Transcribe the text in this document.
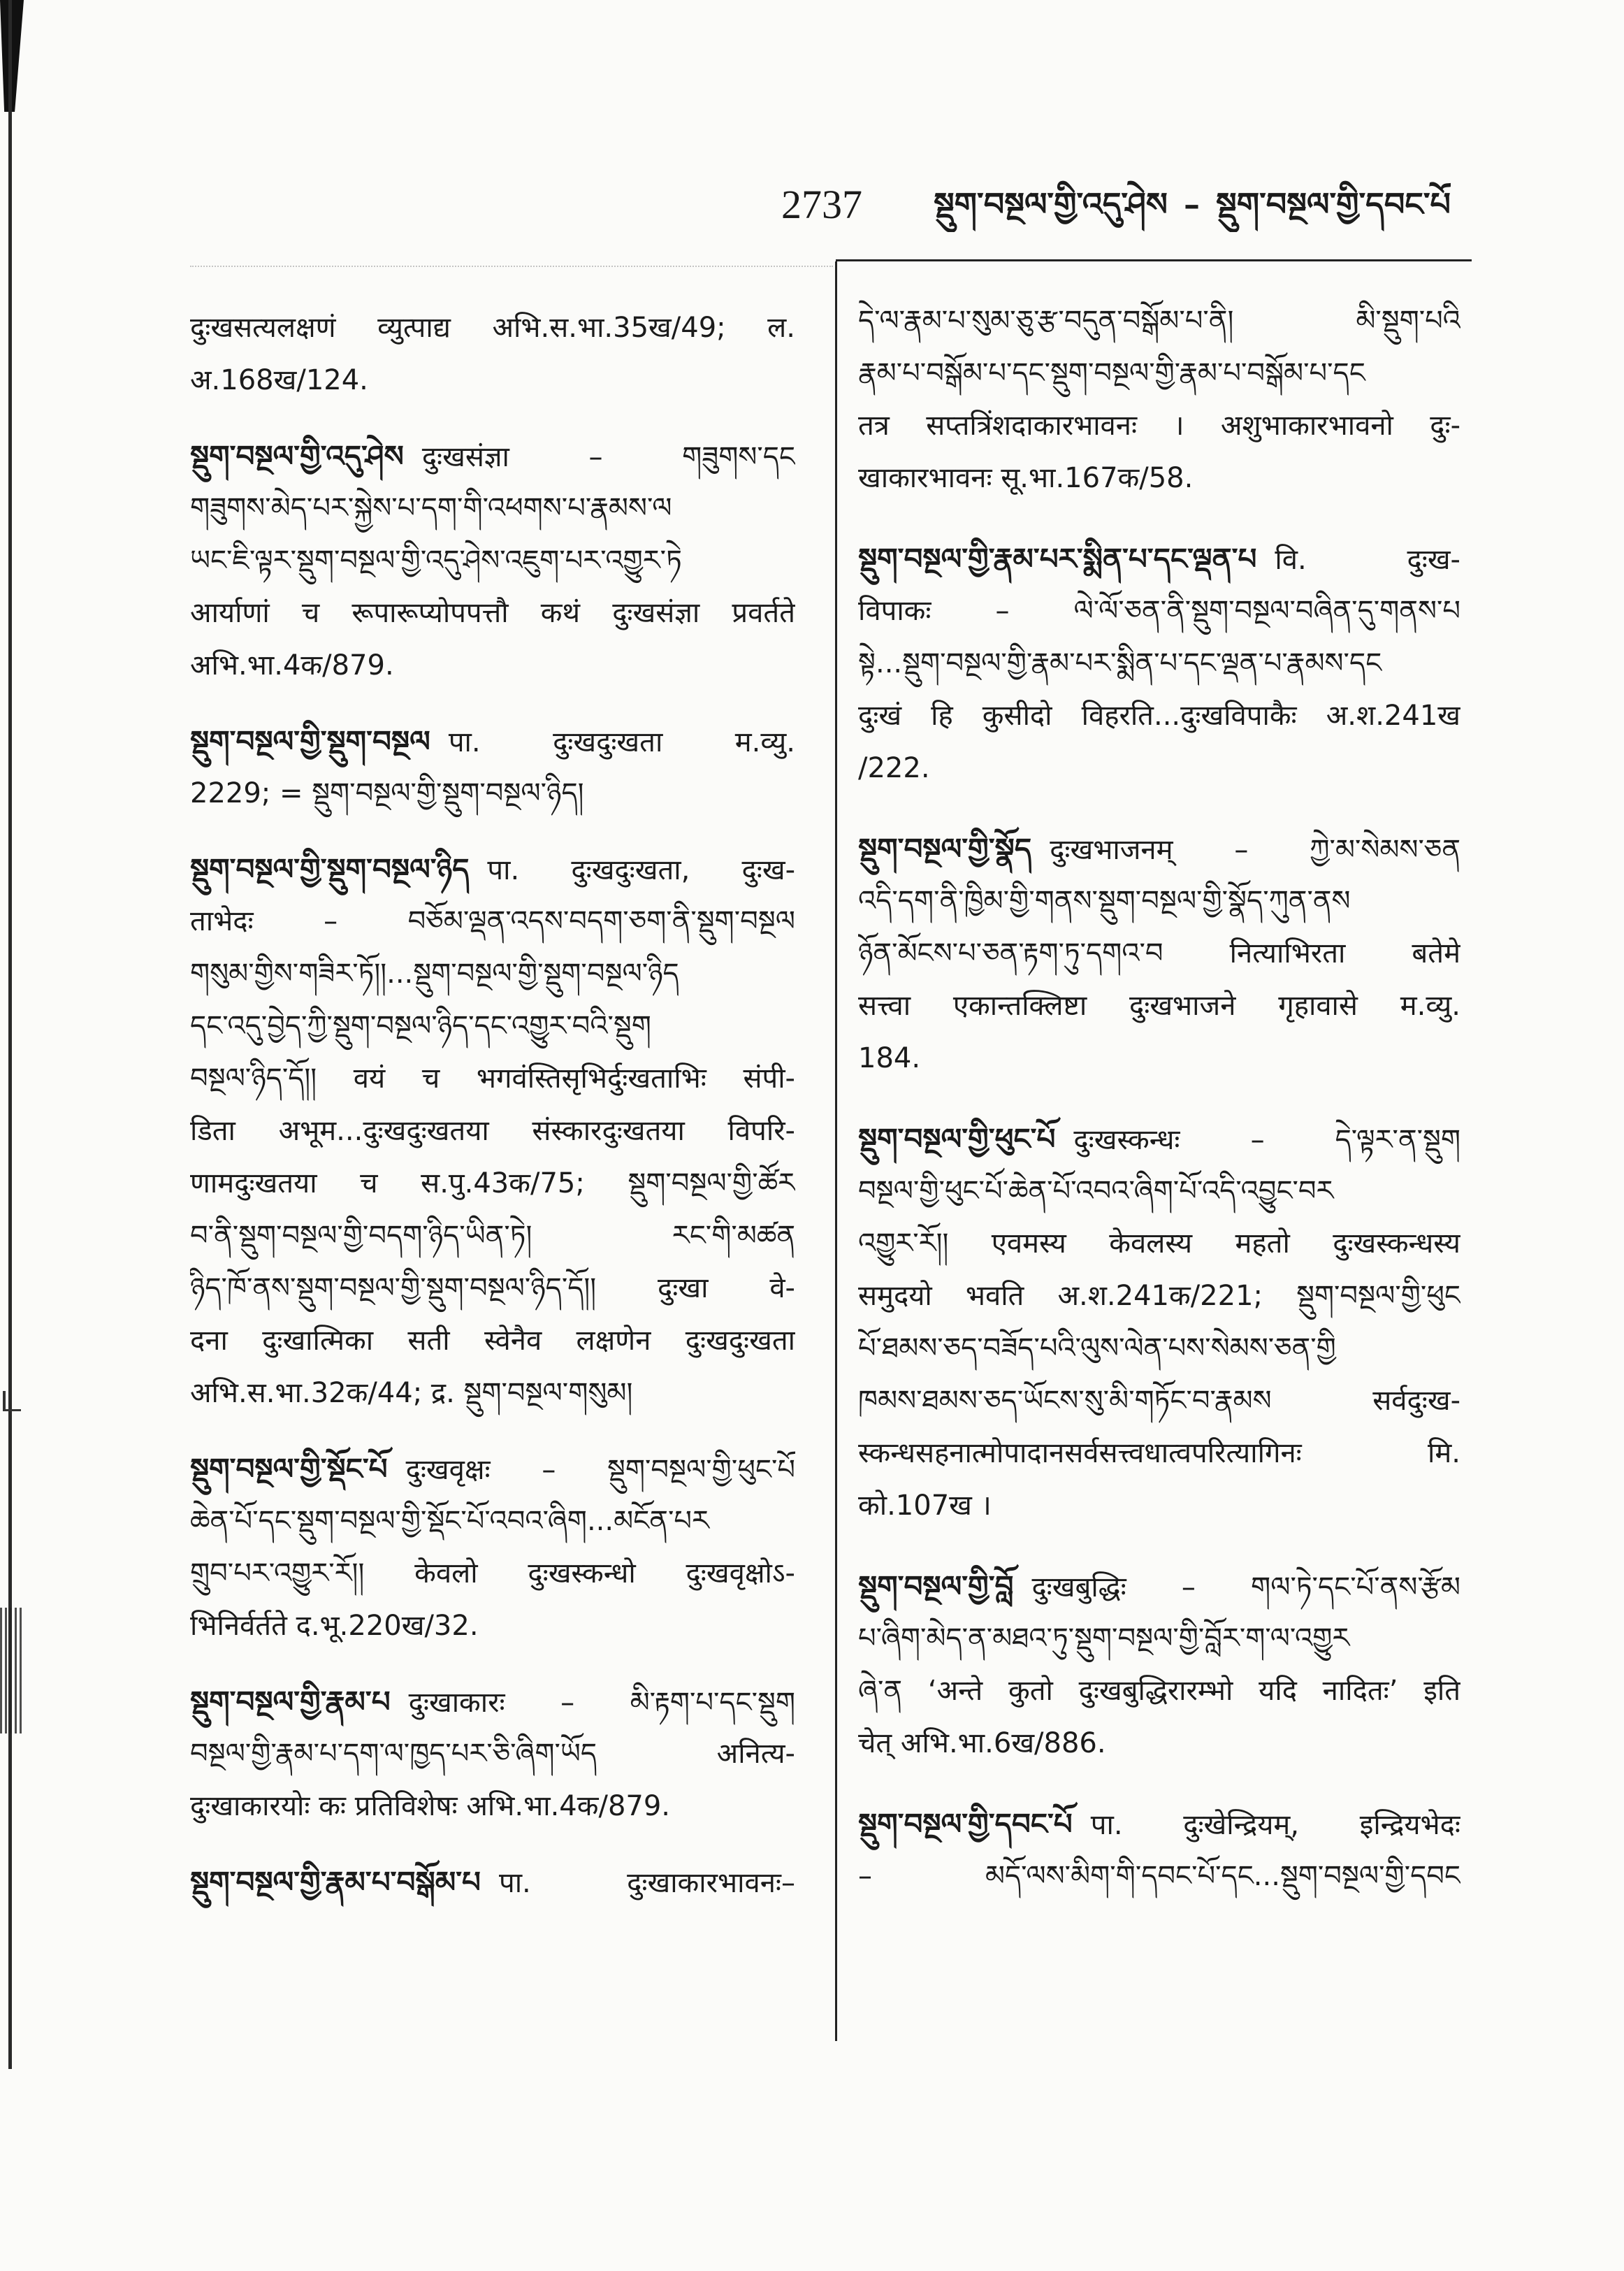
2737 སྡུག་བསྔལ་གྱི་འདུ་ཤེས – སྡུག་བསྔལ་གྱི་དབང་པོ
दुःखसत्यलक्षणं व्युत्पाद्य अभि.स.भा.35ख/49; ल.
अ.168ख/124.
སྡུག་བསྔལ་གྱི་འདུ་ཤེས दुःखसंज्ञा – གཟུགས་དང
གཟུགས་མེད་པར་སྐྱེས་པ་དག་གི་འཕགས་པ་རྣམས་ལ
ཡང་ཇི་ལྟར་སྡུག་བསྔལ་གྱི་འདུ་ཤེས་འཇུག་པར་འགྱུར་ཏེ
आर्याणां च रूपारूप्योपपत्तौ कथं दुःखसंज्ञा प्रवर्तते
अभि.भा.4क/879.
སྡུག་བསྔལ་གྱི་སྡུག་བསྔལ पा. दुःखदुःखता म.व्यु.
2229; = སྡུག་བསྔལ་གྱི་སྡུག་བསྔལ་ཉིད།
སྡུག་བསྔལ་གྱི་སྡུག་བསྔལ་ཉིད पा. दुःखदुःखता, दुःख-
ताभेदः – བཅོམ་ལྡན་འདས་བདག་ཅག་ནི་སྡུག་བསྔལ
གསུམ་གྱིས་གཟིར་ཏོ།།...སྡུག་བསྔལ་གྱི་སྡུག་བསྔལ་ཉིད
དང་འདུ་བྱེད་ཀྱི་སྡུག་བསྔལ་ཉིད་དང་འགྱུར་བའི་སྡུག
བསྔལ་ཉིད་དོ།། वयं च भगवंस्तिसृभिर्दुःखताभिः संपी-
डिता अभूम...दुःखदुःखतया संस्कारदुःखतया विपरि-
णामदुःखतया च स.पु.43क/75; སྡུག་བསྔལ་གྱི་ཚོར
བ་ནི་སྡུག་བསྔལ་གྱི་བདག་ཉིད་ཡིན་ཏེ། རང་གི་མཚན
ཉིད་ཁོ་ནས་སྡུག་བསྔལ་གྱི་སྡུག་བསྔལ་ཉིད་དོ།། दुःखा वे-
दना दुःखात्मिका सती स्वेनैव लक्षणेन दुःखदुःखता
अभि.स.भा.32क/44; द्र. སྡུག་བསྔལ་གསུམ།
སྡུག་བསྔལ་གྱི་སྡོང་པོ दुःखवृक्षः – སྡུག་བསྔལ་གྱི་ཕུང་པོ
ཆེན་པོ་དང་སྡུག་བསྔལ་གྱི་སྡོང་པོ་འབའ་ཞིག...མངོན་པར
གྲུབ་པར་འགྱུར་རོ།། केवलो दुःखस्कन्धो दुःखवृक्षोऽ-
भिनिर्वर्तते द.भू.220ख/32.
སྡུག་བསྔལ་གྱི་རྣམ་པ दुःखाकारः – མི་རྟག་པ་དང་སྡུག
བསྔལ་གྱི་རྣམ་པ་དག་ལ་ཁྱད་པར་ཅི་ཞིག་ཡོད अनित्य-
दुःखाकारयोः कः प्रतिविशेषः अभि.भा.4क/879.
སྡུག་བསྔལ་གྱི་རྣམ་པ་བསྒོམ་པ पा. दुःखाकारभावनः–
དེ་ལ་རྣམ་པ་སུམ་ཅུ་རྩ་བདུན་བསྒོམ་པ་ནི། མི་སྡུག་པའི
རྣམ་པ་བསྒོམ་པ་དང་སྡུག་བསྔལ་གྱི་རྣམ་པ་བསྒོམ་པ་དང
तत्र सप्तत्रिंशदाकारभावनः । अशुभाकारभावनो दुः-
खाकारभावनः सू.भा.167क/58.
སྡུག་བསྔལ་གྱི་རྣམ་པར་སྨིན་པ་དང་ལྡན་པ वि. दुःख-
विपाकः – ལེ་ལོ་ཅན་ནི་སྡུག་བསྔལ་བཞིན་དུ་གནས་པ
སྟེ...སྡུག་བསྔལ་གྱི་རྣམ་པར་སྨིན་པ་དང་ལྡན་པ་རྣམས་དང
दुःखं हि कुसीदो विहरति...दुःखविपाकैः अ.श.241ख
/222.
སྡུག་བསྔལ་གྱི་སྣོད दुःखभाजनम् – ཀྱེ་མ་སེམས་ཅན
འདི་དག་ནི་ཁྱིམ་གྱི་གནས་སྡུག་བསྔལ་གྱི་སྣོད་ཀུན་ནས
ཉོན་མོངས་པ་ཅན་རྟག་ཏུ་དགའ་བ नित्याभिरता बतेमे
सत्त्वा एकान्तक्लिष्टा दुःखभाजने गृहावासे म.व्यु.
184.
སྡུག་བསྔལ་གྱི་ཕུང་པོ दुःखस्कन्धः – དེ་ལྟར་ན་སྡུག
བསྔལ་གྱི་ཕུང་པོ་ཆེན་པོ་འབའ་ཞིག་པོ་འདི་འབྱུང་བར
འགྱུར་རོ།། एवमस्य केवलस्य महतो दुःखस्कन्धस्य
समुदयो भवति अ.श.241क/221; སྡུག་བསྔལ་གྱི་ཕུང
པོ་ཐམས་ཅད་བཟོད་པའི་ལུས་ལེན་པས་སེམས་ཅན་གྱི
ཁམས་ཐམས་ཅད་ཡོངས་སུ་མི་གཏོང་བ་རྣམས सर्वदुःख-
स्कन्धसहनात्मोपादानसर्वसत्त्वधात्वपरित्यागिनः मि.
को.107ख ।
སྡུག་བསྔལ་གྱི་བློ दुःखबुद्धिः – གལ་ཏེ་དང་པོ་ནས་རྩོམ
པ་ཞིག་མེད་ན་མཐའ་ཏུ་སྡུག་བསྔལ་གྱི་བློར་ག་ལ་འགྱུར
ཞེ་ན ‘अन्ते कुतो दुःखबुद्धिरारम्भो यदि नादितः’ इति
चेत् अभि.भा.6ख/886.
སྡུག་བསྔལ་གྱི་དབང་པོ पा. दुःखेन्द्रियम्, इन्द्रियभेदः
– མདོ་ལས་མིག་གི་དབང་པོ་དང...སྡུག་བསྔལ་གྱི་དབང
